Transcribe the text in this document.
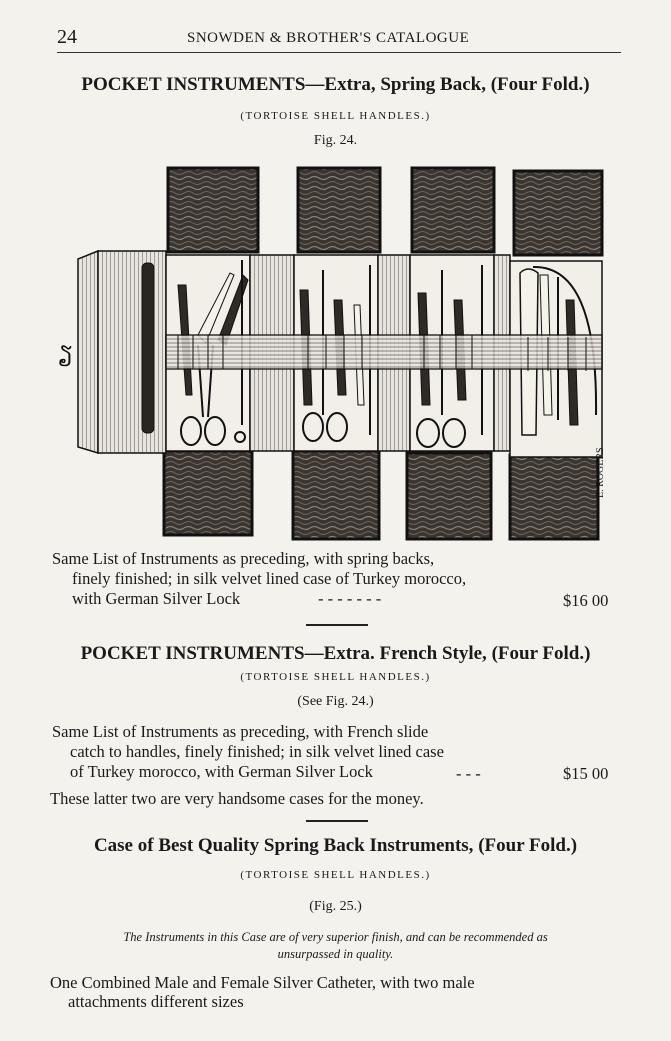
24	SNOWDEN & BROTHER'S CATALOGUE
POCKET INSTRUMENTS—Extra, Spring Back, (Four Fold.)
(TORTOISE SHELL HANDLES.)
Fig. 24.
ຽ
E. ROGERS
Same List of Instruments as preceding, with spring backs,
finely finished; in silk velvet lined case of Turkey morocco,
with German Silver Lock	- - - - - - -	$16 00
POCKET INSTRUMENTS—Extra. French Style, (Four Fold.)
(TORTOISE SHELL HANDLES.)
(See Fig. 24.)
Same List of Instruments as preceding, with French slide
catch to handles, finely finished; in silk velvet lined case
of Turkey morocco, with German Silver Lock	- - -	$15 00
These latter two are very handsome cases for the money.
Case of Best Quality Spring Back Instruments, (Four Fold.)
(TORTOISE SHELL HANDLES.)
(Fig. 25.)
The Instruments in this Case are of very superior finish, and can be recommended as
unsurpassed in quality.
One Combined Male and Female Silver Catheter, with two male
attachments different sizes
